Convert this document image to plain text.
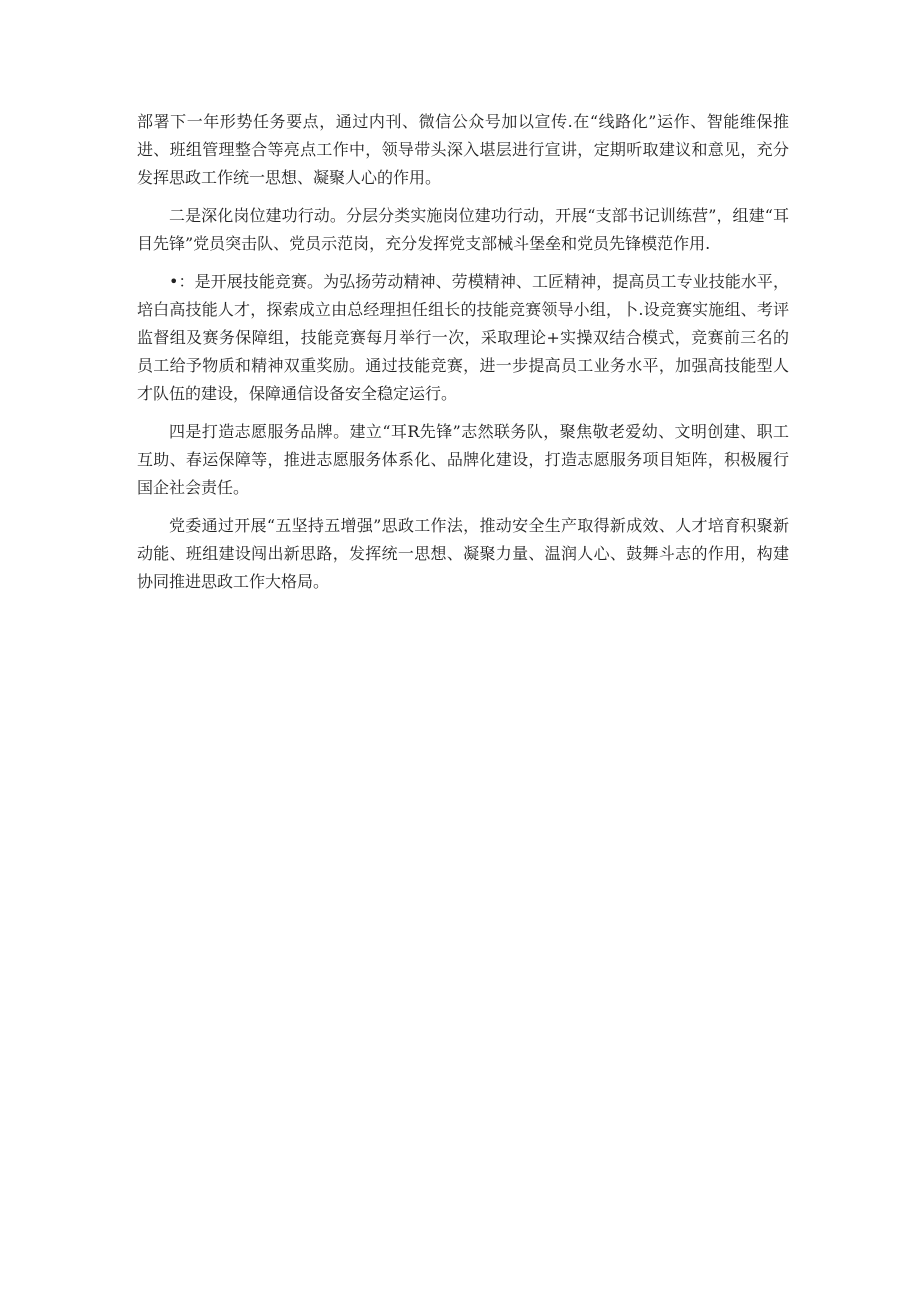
部署下一年形势任务要点，通过内刊、微信公众号加以宣传.在“线路化”运作、智能维保推进、班组管理整合等亮点工作中，领导带头深入堪层进行宣讲，定期听取建议和意见，充分发挥思政工作统一思想、凝聚人心的作用。

二是深化岗位建功行动。分层分类实施岗位建功行动，开展“支部书记训练营”，组建“耳目先锋”党员突击队、党员示范岗，充分发挥党支部械斗堡垒和党员先锋模范作用.

•：是开展技能竞赛。为弘扬劳动精神、劳模精神、工匠精神，提高员工专业技能水平，培白高技能人才，探索成立由总经理担任组长的技能竞赛领导小组，卜.设竞赛实施组、考评监督组及赛务保障组，技能竞赛每月举行一次，采取理论+实操双结合模式，竞赛前三名的员工给予物质和精神双重奖励。通过技能竞赛，进一步提高员工业务水平，加强高技能型人才队伍的建设，保障通信设备安全稳定运行。

四是打造志愿服务品牌。建立“耳R先锋”志然联务队，聚焦敬老爱幼、文明创建、职工互助、春运保障等，推进志愿服务体系化、品牌化建设，打造志愿服务项目矩阵，积极履行国企社会责任。

党委通过开展“五坚持五增强”思政工作法，推动安全生产取得新成效、人才培育积聚新动能、班组建设闯出新思路，发挥统一思想、凝聚力量、温润人心、鼓舞斗志的作用，构建协同推进思政工作大格局。
